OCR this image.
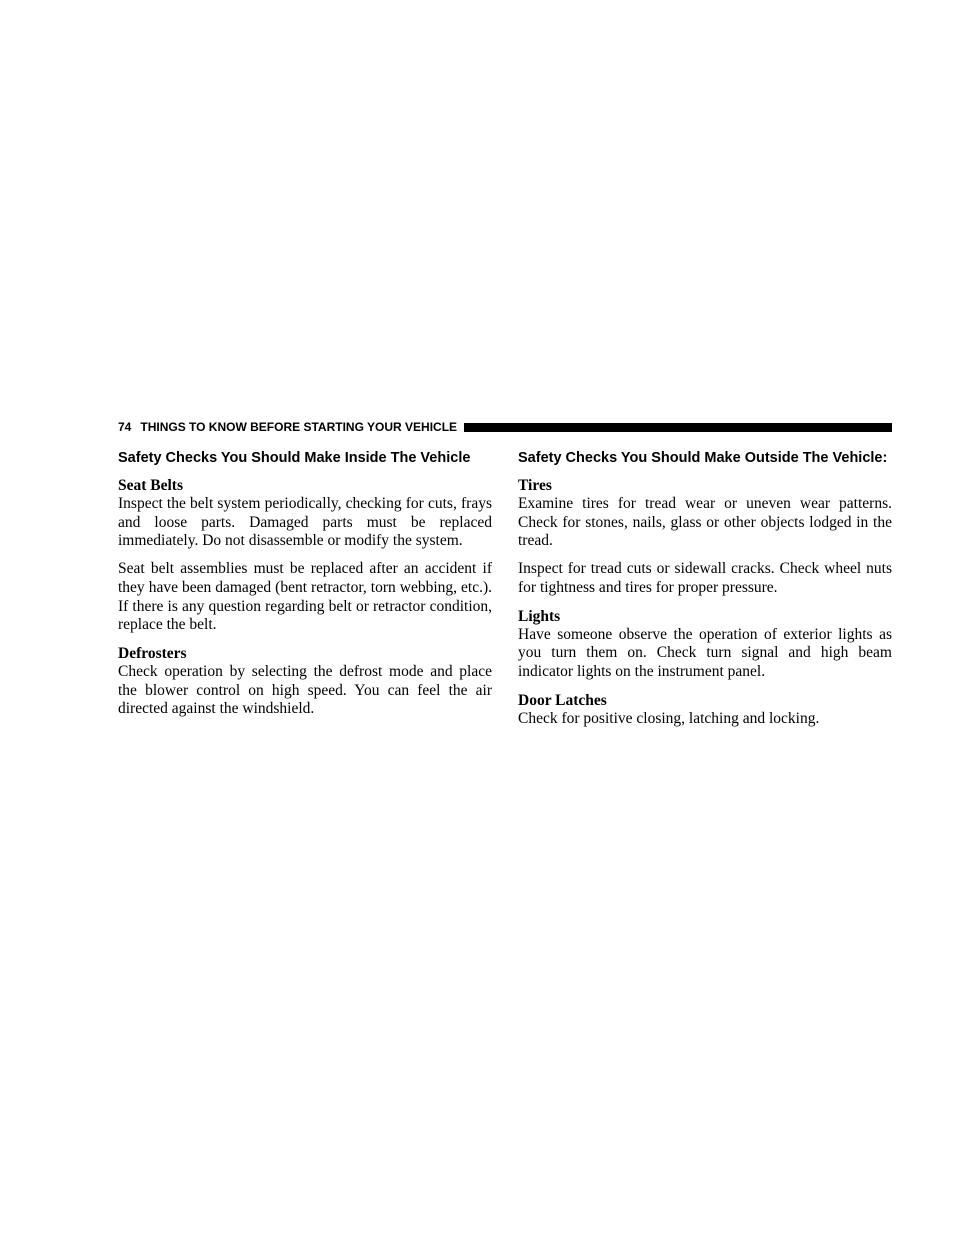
74 THINGS TO KNOW BEFORE STARTING YOUR VEHICLE
Safety Checks You Should Make Inside The Vehicle
Seat Belts

Inspect the belt system periodically, checking for cuts, frays and loose parts. Damaged parts must be replaced immediately. Do not disassemble or modify the system.

Seat belt assemblies must be replaced after an accident if they have been damaged (bent retractor, torn webbing, etc.). If there is any question regarding belt or retractor condition, replace the belt.

Defrosters

Check operation by selecting the defrost mode and place the blower control on high speed. You can feel the air directed against the windshield.

Safety Checks You Should Make Outside The Vehicle:
Tires

Examine tires for tread wear or uneven wear patterns. Check for stones, nails, glass or other objects lodged in the tread.

Inspect for tread cuts or sidewall cracks. Check wheel nuts for tightness and tires for proper pressure.

Lights

Have someone observe the operation of exterior lights as you turn them on. Check turn signal and high beam indicator lights on the instrument panel.

Door Latches

Check for positive closing, latching and locking.
